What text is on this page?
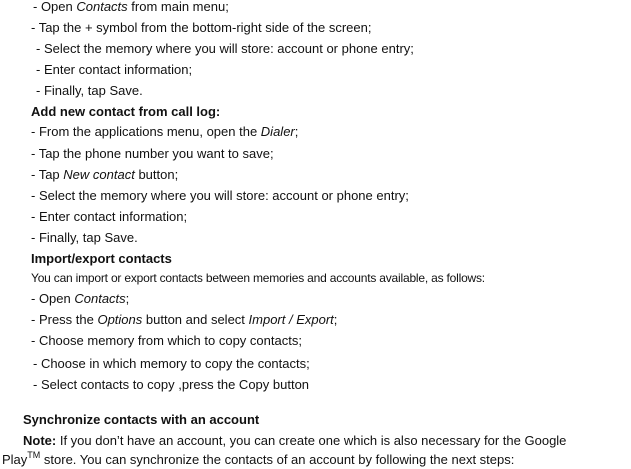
- Open Contacts from main menu;
- Tap the + symbol from the bottom-right side of the screen;
- Select the memory where you will store: account or phone entry;
- Enter contact information;
- Finally, tap Save.
Add new contact from call log:
- From the applications menu, open the Dialer;
- Tap the phone number you want to save;
- Tap New contact button;
- Select the memory where you will store: account or phone entry;
- Enter contact information;
- Finally, tap Save.
Import/export contacts
You can import or export contacts between memories and accounts available, as follows:
- Open Contacts;
- Press the Options button and select Import / Export;
- Choose memory from which to copy contacts;
- Choose in which memory to copy the contacts;
- Select contacts to copy ,press the Copy button
Synchronize contacts with an account
Note: If you don’t have an account, you can create one which is also necessary for the Google
Play™ store. You can synchronize the contacts of an account by following the next steps:
